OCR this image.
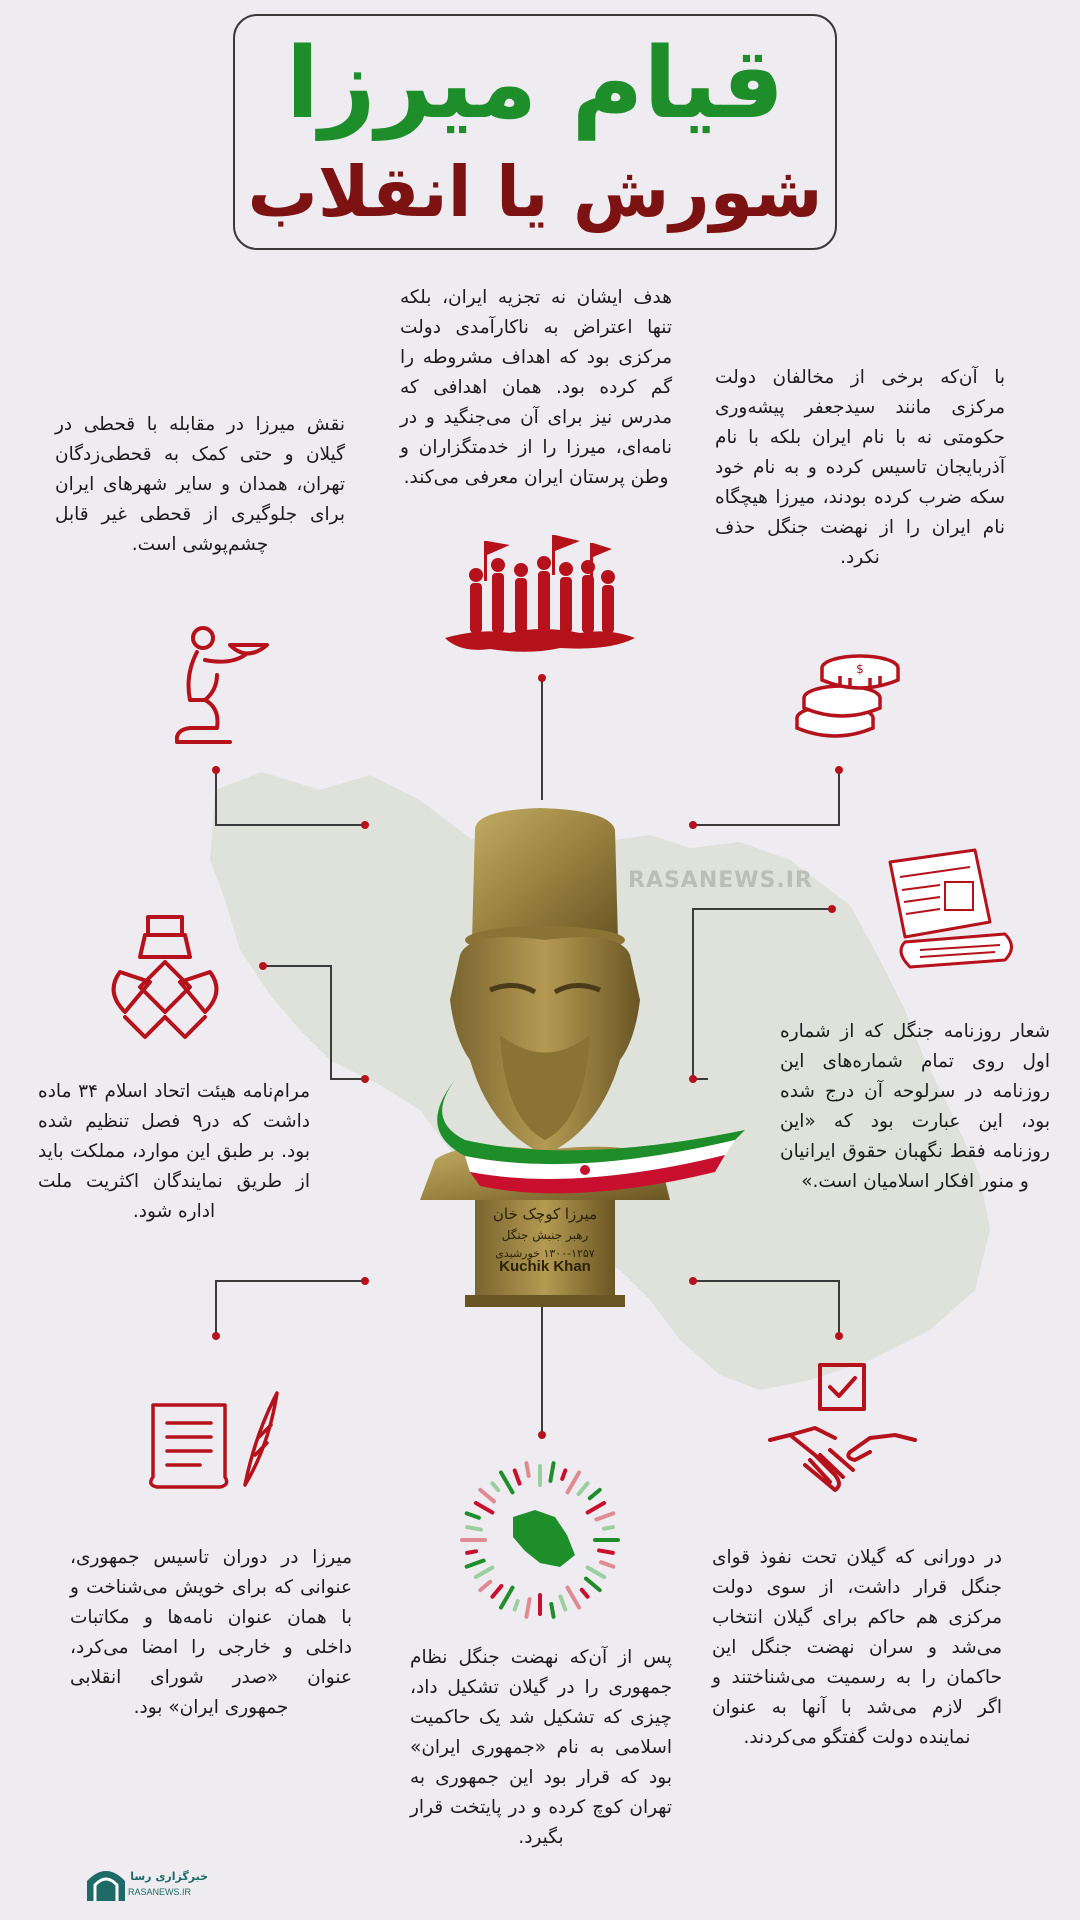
قیام میرزا
شورش یا انقلاب
RASANEWS.IR
هدف ایشان نه تجزیه ایران، بلکه تنها اعتراض به ناکارآمدی دولت مرکزی بود که اهداف مشروطه را گم کرده بود. همان اهدافی که مدرس نیز برای آن می‌جنگید و در نامه‌ای، میرزا را از خدمتگزاران و وطن پرستان ایران معرفی می‌کند.
نقش میرزا در مقابله با قحطی در گیلان و حتی کمک به قحطی‌زدگان تهران، همدان و سایر شهرهای ایران برای جلوگیری از قحطی غیر قابل چشم‌پوشی است.
با آن‌که برخی از مخالفان دولت مرکزی مانند سیدجعفر پیشه‌وری حکومتی نه با نام ایران بلکه با نام آذربایجان تاسیس کرده و به نام خود سکه ضرب کرده بودند، میرزا هیچگاه نام ایران را از نهضت جنگل حذف نکرد.
مرام‌نامه هیئت اتحاد اسلام ۳۴ ماده داشت که در۹ فصل تنظیم شده بود. بر طبق این موارد، مملکت باید از طریق نمایندگان اکثریت ملت اداره شود.
شعار روزنامه جنگل که از شماره اول روی تمام شماره‌های این روزنامه در سرلوحه آن درج شده بود، این عبارت بود که «این روزنامه فقط نگهبان حقوق ایرانیان و منور افکار اسلامیان است.»
میرزا در دوران تاسیس جمهوری، عنوانی که برای خویش می‌شناخت و با همان عنوان نامه‌ها و مکاتبات داخلی و خارجی را امضا می‌کرد، عنوان «صدر شورای انقلابی جمهوری ایران» بود.
پس از آن‌که نهضت جنگل نظام جمهوری را در گیلان تشکیل داد، چیزی که تشکیل شد یک حاکمیت اسلامی به نام «جمهوری ایران» بود که قرار بود این جمهوری به تهران کوچ کرده و در پایتخت قرار بگیرد.
در دورانی که گیلان تحت نفوذ قوای جنگل قرار داشت، از سوی دولت مرکزی هم حاکم برای گیلان انتخاب می‌شد و سران نهضت جنگل این حاکمان را به رسمیت می‌شناختند و اگر لازم می‌شد با آنها به عنوان نماینده دولت گفتگو می‌کردند.
$
میرزا کوچک خان
رهبر جنبش جنگل
۱۳۰۰-۱۲۵۷ خورشیدی
Kuchik Khan
خبرگزاری رسا
RASANEWS.IR
